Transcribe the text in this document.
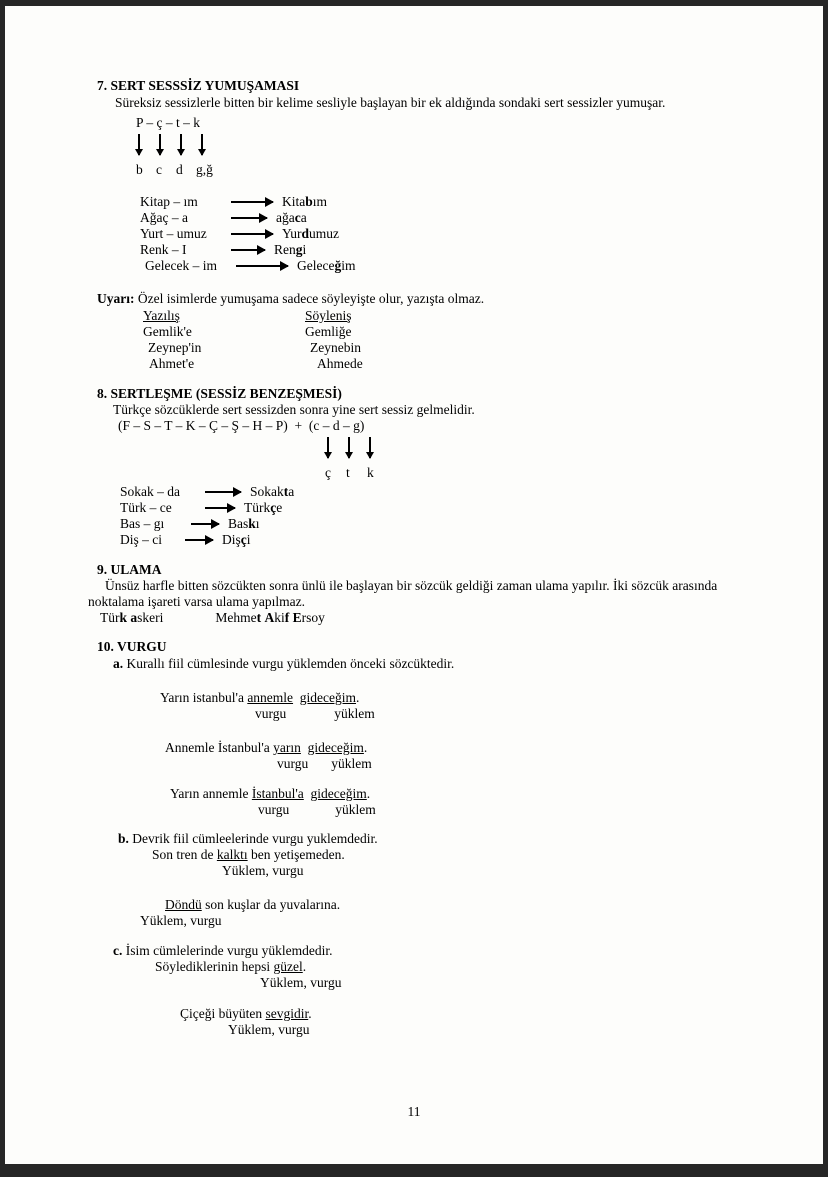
7. SERT SESSSİZ YUMUŞAMASI
Süreksiz sessizlerle bitten bir kelime sesliyle başlayan bir ek aldığında sondaki sert sessizler yumuşar.
P – ç – t – k
b c d g,ğ
Kitap – ım	Kitabım
Ağaç – a	ağaca
Yurt – umuz	Yurdumuz
Renk – I	Rengi
Gelecek – im	Geleceğim
Uyarı: Özel isimlerde yumuşama sadece söyleyişte olur, yazışta olmaz.
Yazılış	Söyleniş
Gemlik'e	Gemliğe
Zeynep'in	Zeynebin
Ahmet'e	Ahmede
8. SERTLEŞME (SESSİZ BENZEŞMESİ)
Türkçe sözcüklerde sert sessizden sonra yine sert sessiz gelmelidir.
(F – S – T – K – Ç – Ş – H – P)  +  (c – d – g)
ç t k
Sokak – da	Sokakta
Türk – ce	Türkçe
Bas – gı	Baskı
Diş – ci	Dişçi
9. ULAMA
Ünsüz harfle bitten sözcükten sonra ünlü ile başlayan bir sözcük geldiği zaman ulama yapılır. İki sözcük arasında noktalama işareti varsa ulama yapılmaz.
Türk askeri	Mehmet Akif Ersoy
10. VURGU
a. Kurallı fiil cümlesinde vurgu yüklemden önceki sözcüktedir.
Yarın istanbul'a annemle gideceğim.
vurgu	yüklem
Annemle İstanbul'a yarın gideceğim.
vurgu yüklem
Yarın annemle İstanbul'a gideceğim.
vurgu	yüklem
b. Devrik fiil cümleelerinde vurgu yuklemdedir.
Son tren de kalktı ben yetişemeden.
Yüklem, vurgu
Döndü son kuşlar da yuvalarına.
Yüklem, vurgu
c. İsim cümlelerinde vurgu yüklemdedir.
Söylediklerinin hepsi güzel.
Yüklem, vurgu
Çiçeği büyüten sevgidir.
Yüklem, vurgu
11
